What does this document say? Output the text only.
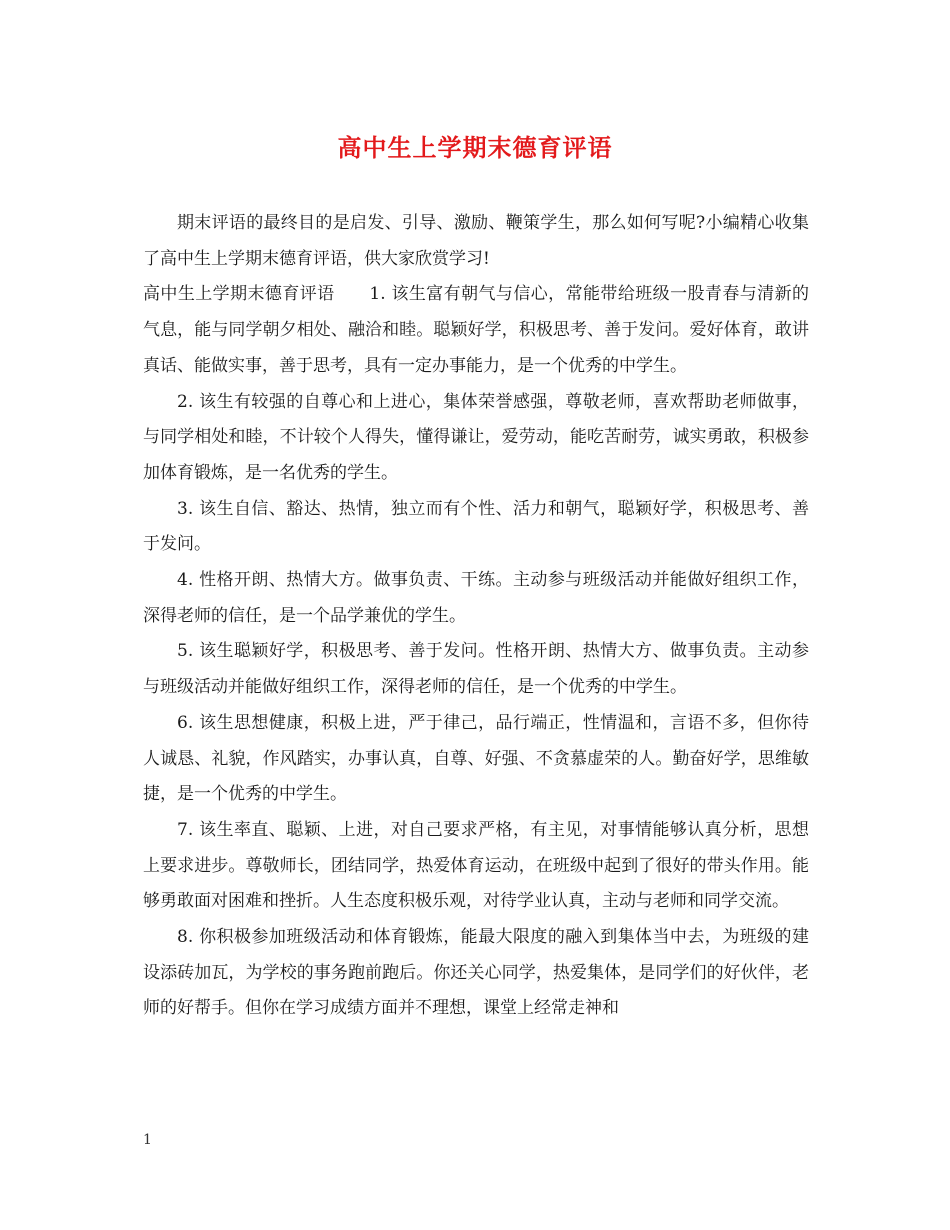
高中生上学期末德育评语

期末评语的最终目的是启发、引导、激励、鞭策学生，那么如何写呢?小编精心收集了高中生上学期末德育评语，供大家欣赏学习!

高中生上学期末德育评语　　1. 该生富有朝气与信心，常能带给班级一股青春与清新的气息，能与同学朝夕相处、融洽和睦。聪颖好学，积极思考、善于发问。爱好体育，敢讲真话、能做实事，善于思考，具有一定办事能力，是一个优秀的中学生。

2. 该生有较强的自尊心和上进心，集体荣誉感强，尊敬老师，喜欢帮助老师做事，与同学相处和睦，不计较个人得失，懂得谦让，爱劳动，能吃苦耐劳，诚实勇敢，积极参加体育锻炼，是一名优秀的学生。

3. 该生自信、豁达、热情，独立而有个性、活力和朝气，聪颖好学，积极思考、善于发问。

4. 性格开朗、热情大方。做事负责、干练。主动参与班级活动并能做好组织工作，深得老师的信任，是一个品学兼优的学生。

5. 该生聪颖好学，积极思考、善于发问。性格开朗、热情大方、做事负责。主动参与班级活动并能做好组织工作，深得老师的信任，是一个优秀的中学生。

6. 该生思想健康，积极上进，严于律己，品行端正，性情温和，言语不多，但你待人诚恳、礼貌，作风踏实，办事认真，自尊、好强、不贪慕虚荣的人。勤奋好学，思维敏捷，是一个优秀的中学生。

7. 该生率直、聪颖、上进，对自己要求严格，有主见，对事情能够认真分析，思想上要求进步。尊敬师长，团结同学，热爱体育运动，在班级中起到了很好的带头作用。能够勇敢面对困难和挫折。人生态度积极乐观，对待学业认真，主动与老师和同学交流。

8. 你积极参加班级活动和体育锻炼，能最大限度的融入到集体当中去，为班级的建设添砖加瓦，为学校的事务跑前跑后。你还关心同学，热爱集体，是同学们的好伙伴，老师的好帮手。但你在学习成绩方面并不理想，课堂上经常走神和

1
